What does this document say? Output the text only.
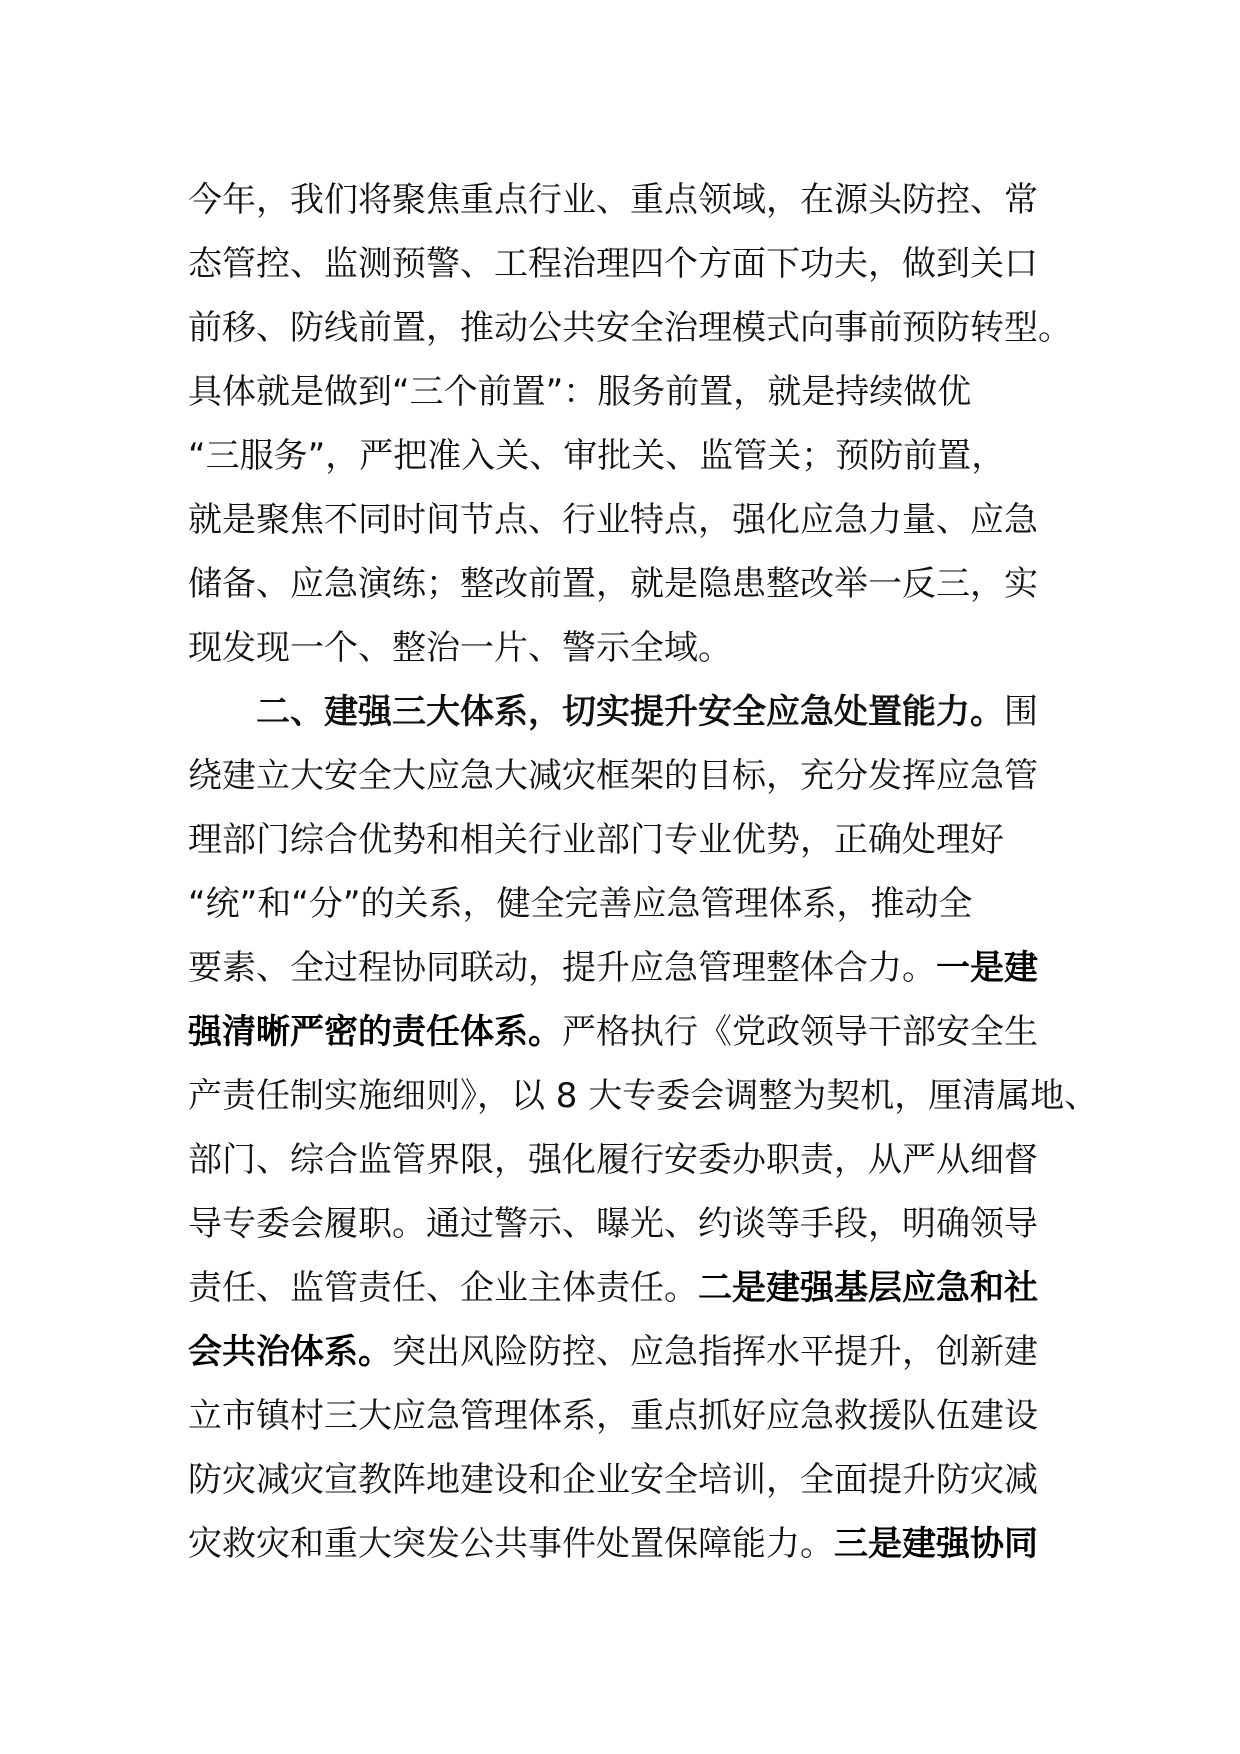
今年，我们将聚焦重点行业、重点领域，在源头防控、常
态管控、监测预警、工程治理四个方面下功夫，做到关口
前移、防线前置，推动公共安全治理模式向事前预防转型。
具体就是做到“三个前置”：服务前置，就是持续做优
“三服务”，严把准入关、审批关、监管关；预防前置，
就是聚焦不同时间节点、行业特点，强化应急力量、应急
储备、应急演练；整改前置，就是隐患整改举一反三，实
现发现一个、整治一片、警示全域。
二、建强三大体系，切实提升安全应急处置能力。围
绕建立大安全大应急大减灾框架的目标，充分发挥应急管
理部门综合优势和相关行业部门专业优势，正确处理好
“统”和“分”的关系，健全完善应急管理体系，推动全
要素、全过程协同联动，提升应急管理整体合力。一是建
强清晰严密的责任体系。严格执行《党政领导干部安全生
产责任制实施细则》，以 8 大专委会调整为契机，厘清属地、
部门、综合监管界限，强化履行安委办职责，从严从细督
导专委会履职。通过警示、曝光、约谈等手段，明确领导
责任、监管责任、企业主体责任。二是建强基层应急和社
会共治体系。突出风险防控、应急指挥水平提升，创新建
立市镇村三大应急管理体系，重点抓好应急救援队伍建设
防灾减灾宣教阵地建设和企业安全培训，全面提升防灾减
灾救灾和重大突发公共事件处置保障能力。三是建强协同
